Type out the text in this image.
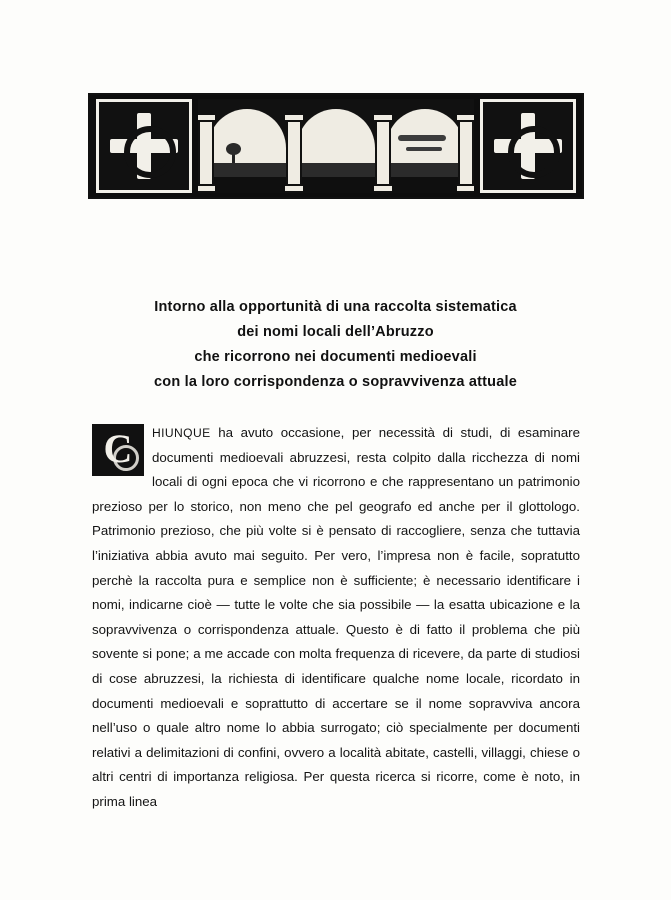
Intorno alla opportunità di una raccolta sistematica
dei nomi locali dell’Abruzzo
che ricorrono nei documenti medioevali
con la loro corrispondenza o sopravvivenza attuale
C	HIUNQUE ha avuto occasione, per necessità di studi, di esaminare documenti medioevali abruzzesi, resta colpito dalla ricchezza di nomi locali di ogni epoca che vi ricorrono e che rappresentano un patrimonio prezioso per lo storico, non meno che pel geografo ed anche per il glottologo. Patrimonio prezioso, che più volte si è pensato di raccogliere, senza che tuttavia l’iniziativa abbia avuto mai seguito. Per vero, l’impresa non è facile, sopratutto perchè la raccolta pura e semplice non è sufficiente; è necessario identificare i nomi, indicarne cioè — tutte le volte che sia possibile — la esatta ubicazione e la sopravvivenza o corrispondenza attuale. Questo è di fatto il problema che più sovente si pone; a me accade con molta frequenza di ricevere, da parte di studiosi di cose abruzzesi, la richiesta di identificare qualche nome locale, ricordato in documenti medioevali e soprattutto di accertare se il nome sopravviva ancora nell’uso o quale altro nome lo abbia surrogato; ciò specialmente per documenti relativi a delimitazioni di confini, ovvero a località abitate, castelli, villaggi, chiese o altri centri di importanza religiosa. Per questa ricerca si ricorre, come è noto, in prima linea
